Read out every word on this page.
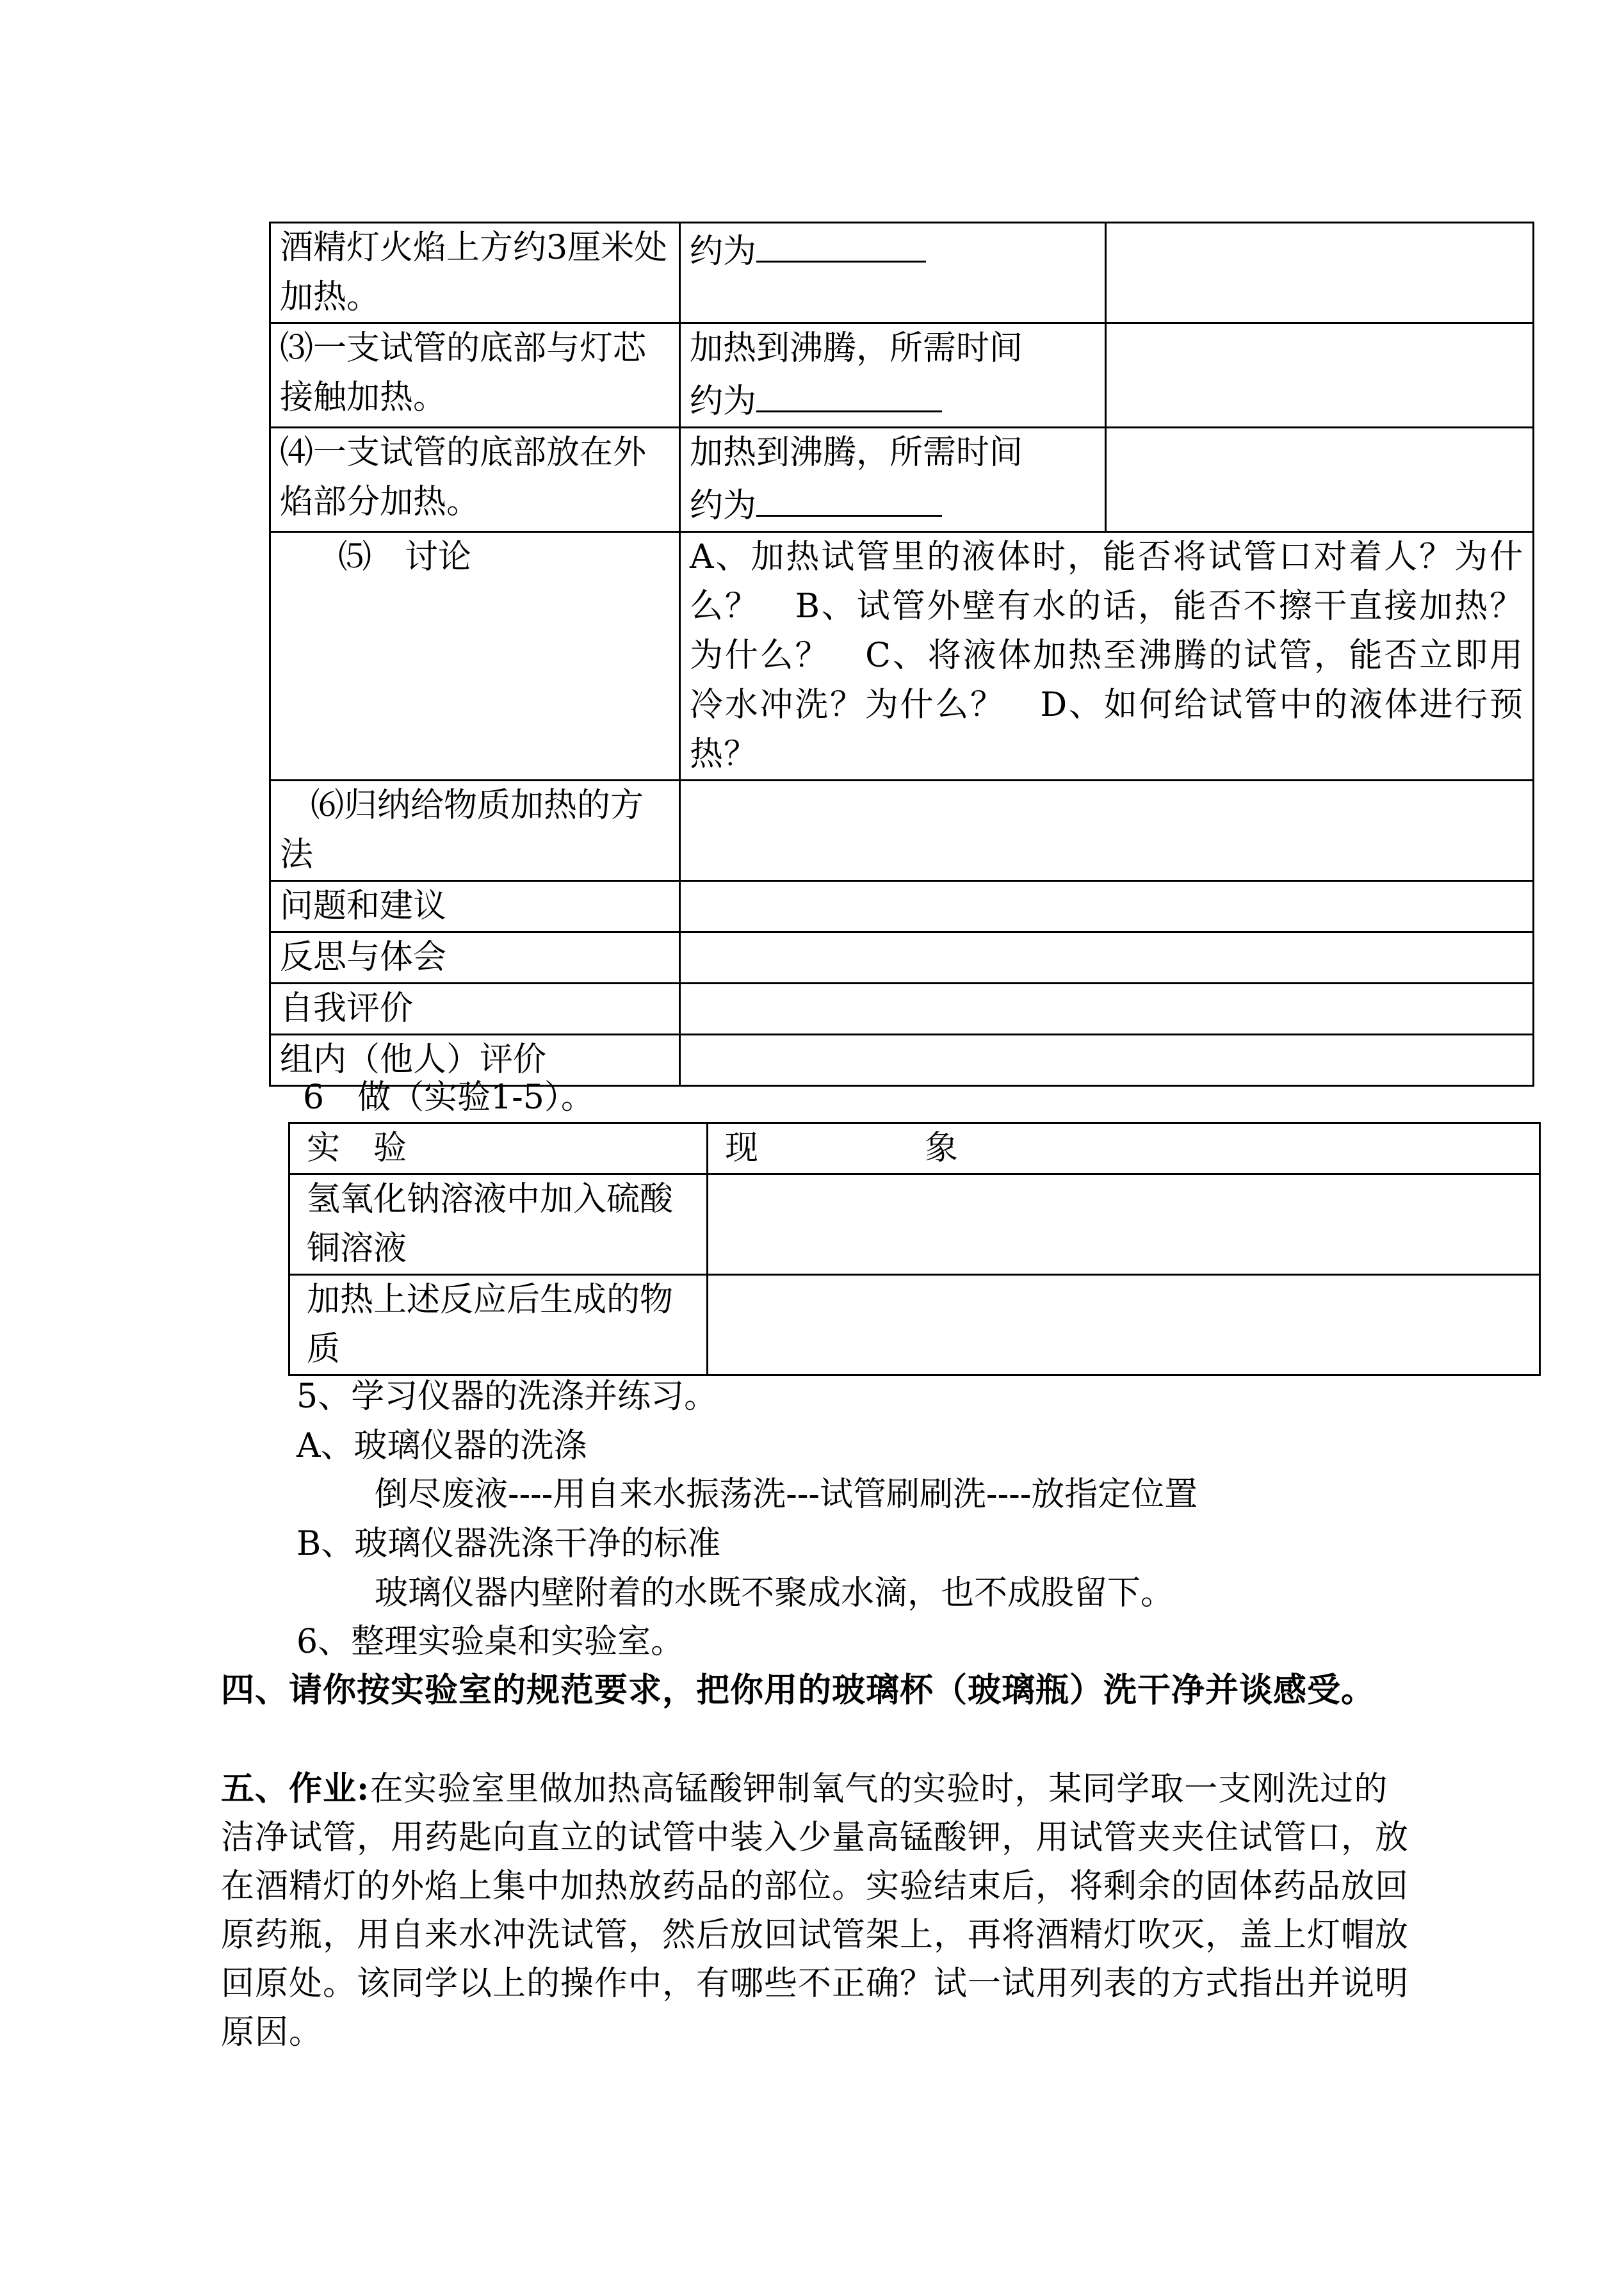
酒精灯火焰上方约3厘米处加热。	约为	
⑶一支试管的底部与灯芯接触加热。	加热到沸腾，所需时间
约为	
⑷一支试管的底部放在外焰部分加热。	加热到沸腾，所需时间
约为	
⑸　讨论	A、加热试管里的液体时，能否将试管口对着人？为什么？　B、试管外壁有水的话，能否不擦干直接加热？为什么？　C、将液体加热至沸腾的试管，能否立即用冷水冲洗？为什么？　D、如何给试管中的液体进行预热？	
⑹归纳给物质加热的方法		
问题和建议		
反思与体会		
自我评价		
组内（他人）评价		
6　做（实验1-5）。
实　验	现　　　　　象
氢氧化钠溶液中加入硫酸铜溶液	
加热上述反应后生成的物质	
5、学习仪器的洗涤并练习。
A、玻璃仪器的洗涤
倒尽废液----用自来水振荡洗---试管刷刷洗----放指定位置
B、玻璃仪器洗涤干净的标准
玻璃仪器内壁附着的水既不聚成水滴，也不成股留下。
6、整理实验桌和实验室。
四、请你按实验室的规范要求，把你用的玻璃杯（玻璃瓶）洗干净并谈感受。
五、作业:在实验室里做加热高锰酸钾制氧气的实验时，某同学取一支刚洗过的洁净试管，用药匙向直立的试管中装入少量高锰酸钾，用试管夹夹住试管口，放在酒精灯的外焰上集中加热放药品的部位。实验结束后，将剩余的固体药品放回原药瓶，用自来水冲洗试管，然后放回试管架上，再将酒精灯吹灭，盖上灯帽放回原处。该同学以上的操作中，有哪些不正确？试一试用列表的方式指出并说明原因。
